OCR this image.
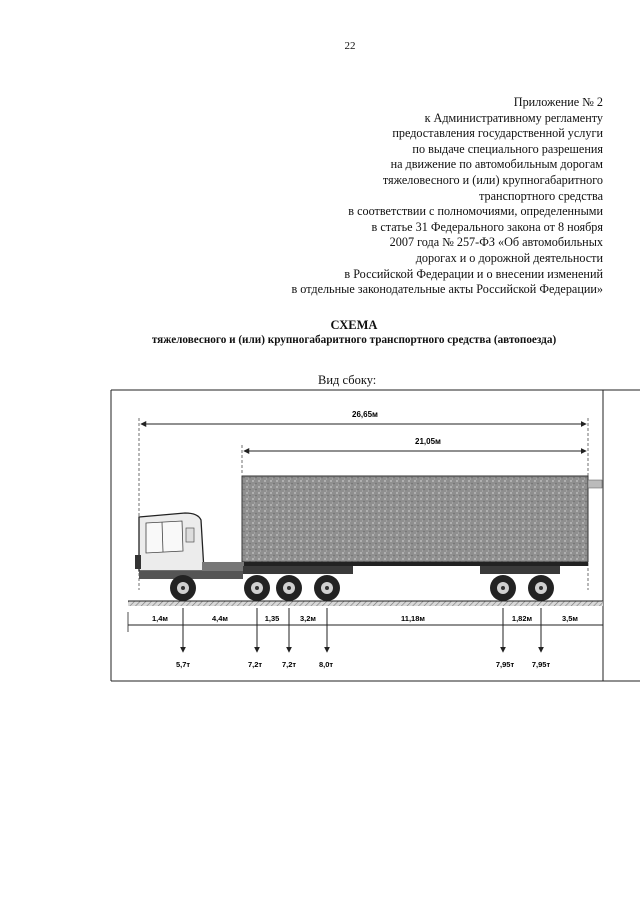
22
Приложение № 2
к Административному регламенту
предоставления государственной услуги
по выдаче специального разрешения
на движение по автомобильным дорогам
тяжеловесного и (или) крупногабаритного
транспортного средства
в соответствии с полномочиями, определенными
в статье 31 Федерального закона от 8 ноября
2007 года № 257-ФЗ «Об автомобильных
дорогах и о дорожной деятельности
в Российской Федерации и о внесении изменений
в отдельные законодательные акты Российской Федерации»
СХЕМА
тяжеловесного и (или) крупногабаритного транспортного средства (автопоезда)
Вид сбоку:
26,65м
21,05м
1,4м	4,4м	1,35	3,2м	11,18м	1,82м	3,5м
5,7т	7,2т	7,2т	8,0т	7,95т 7,95т
